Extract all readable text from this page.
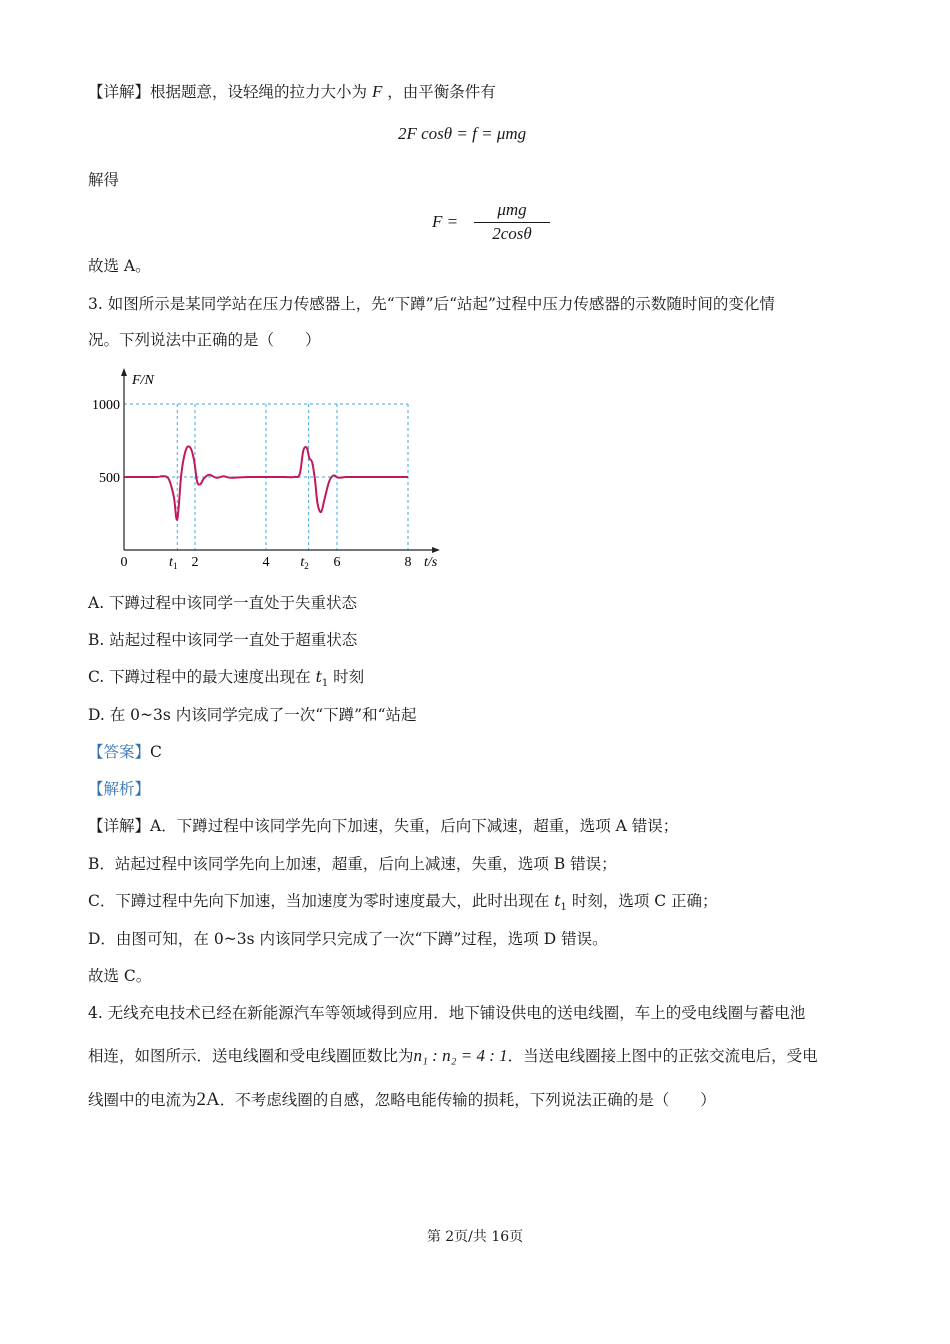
【详解】根据题意，设轻绳的拉力大小为 F ，由平衡条件有
2F cosθ = f = μmg
解得
F =
μmg
2cosθ
故选 A。
3. 如图所示是某同学站在压力传感器上，先“下蹲”后“站起”过程中压力传感器的示数随时间的变化情
况。下列说法中正确的是（　　）
500
1000
F/N
0	$t_1$ 2	4 $t_2$ 6	8 t/s
A. 下蹲过程中该同学一直处于失重状态
B. 站起过程中该同学一直处于超重状态
C. 下蹲过程中的最大速度出现在 $t_1$ 时刻
D. 在 0~3s 内该同学完成了一次“下蹲”和“站起
【答案】C
【解析】
【详解】A．下蹲过程中该同学先向下加速，失重，后向下减速，超重，选项 A 错误；
B．站起过程中该同学先向上加速，超重，后向上减速，失重，选项 B 错误；
C．下蹲过程中先向下加速，当加速度为零时速度最大，此时出现在 $t_1$ 时刻，选项 C 正确；
D．由图可知，在 0~3s 内该同学只完成了一次“下蹲”过程，选项 D 错误。
故选 C。
4. 无线充电技术已经在新能源汽车等领域得到应用．地下铺设供电的送电线圈，车上的受电线圈与蓄电池
相连，如图所示．送电线圈和受电线圈匝数比为n₁ : n₂ = 4 : 1．当送电线圈接上图中的正弦交流电后，受电
线圈中的电流为2A．不考虑线圈的自感，忽略电能传输的损耗，下列说法正确的是（　　）
第 2页/共 16页
